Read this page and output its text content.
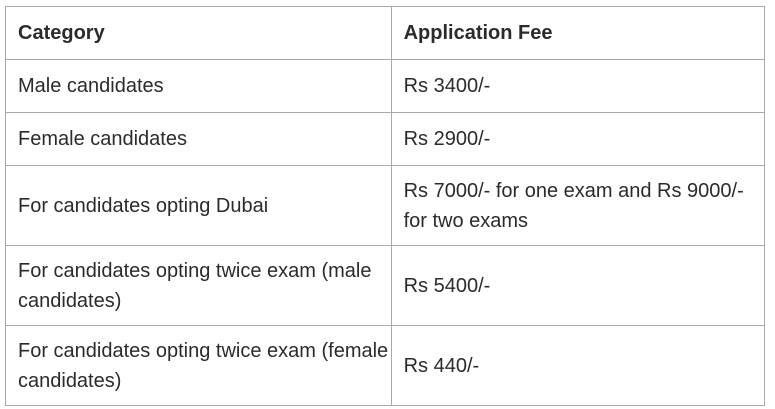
Category	Application Fee
Male candidates	Rs 3400/-
Female candidates	Rs 2900/-
For candidates opting Dubai	Rs 7000/- for one exam and Rs 9000/- for two exams
For candidates opting twice exam (male candidates)	Rs 5400/-
For candidates opting twice exam (female candidates)	Rs 440/-
